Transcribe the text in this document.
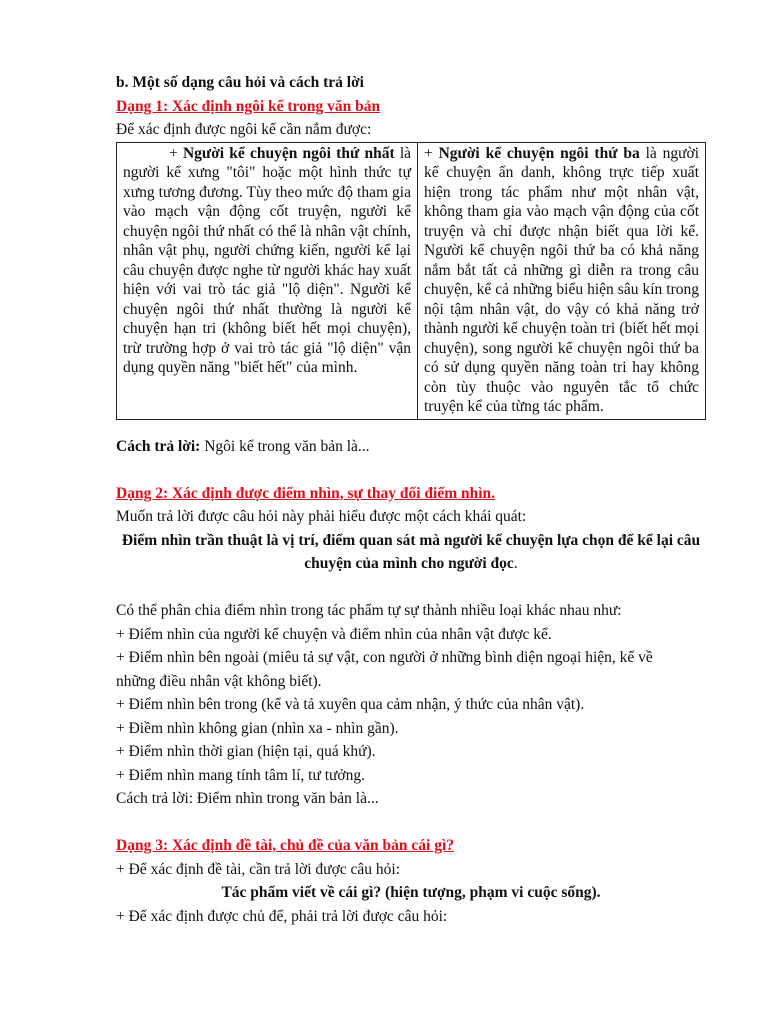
b. Một số dạng câu hỏi và cách trả lời
Dạng 1: Xác định ngôi kể trong văn bản
Để xác định được ngôi kể cần nắm được:
+ Người kể chuyện ngôi thứ nhất là người kể xưng "tôi" hoặc một hình thức tự xưng tương đương. Tùy theo mức độ tham gia vào mạch vận động cốt truyện, người kể chuyện ngôi thứ nhất có thể là nhân vật chính, nhân vật phụ, người chứng kiến, người kể lại câu chuyện được nghe từ người khác hay xuất hiện với vai trò tác giả "lộ diện". Người kể chuyện ngôi thứ nhất thường là người kể chuyện hạn tri (không biết hết mọi chuyện), trừ trường hợp ở vai trò tác giả "lộ diện" vận dụng quyền năng "biết hết" của mình.

+ Người kể chuyện ngôi thứ ba là người kể chuyện ẩn danh, không trực tiếp xuất hiện trong tác phẩm như một nhân vật, không tham gia vào mạch vận động của cốt truyện và chỉ được nhận biết qua lời kể. Người kể chuyện ngôi thứ ba có khả năng nắm bắt tất cả những gì diễn ra trong câu chuyện, kể cả những biểu hiện sâu kín trong nội tậm nhân vật, do vậy có khả năng trở thành người kể chuyện toàn tri (biết hết mọi chuyện), song người kể chuyện ngôi thứ ba có sử dụng quyền năng toàn tri hay không còn tùy thuộc vào nguyên tắc tổ chức truyện kể của từng tác phẩm.
Cách trả lời: Ngôi kể trong văn bản là...
Dạng 2: Xác định được điểm nhìn, sự thay đổi điểm nhìn.
Muốn trả lời được câu hỏi này phải hiểu được một cách khái quát:
Điểm nhìn trần thuật là vị trí, điểm quan sát mà người kể chuyện lựa chọn để kể lại câu chuyện của mình cho người đọc.
Có thể phân chia điểm nhìn trong tác phẩm tự sự thành nhiều loại khác nhau như:
+ Điểm nhìn của người kể chuyện và điểm nhìn của nhân vật được kể.
+ Điểm nhìn bên ngoài (miêu tả sự vật, con người ở những bình diện ngoại hiện, kể về
những điều nhân vật không biết).
+ Điểm nhìn bên trong (kể và tả xuyên qua cảm nhận, ý thức của nhân vật).
+ Điềm nhìn không gian (nhìn xa - nhìn gần).
+ Điểm nhìn thời gian (hiện tại, quá khứ).
+ Điểm nhìn mang tính tâm lí, tư tưởng.
Cách trả lời: Điểm nhìn trong văn bản là...
Dạng 3: Xác định đề tài, chủ đề của văn bản cái gì?
+ Để xác định đề tài, cần trả lời được câu hỏi:
Tác phẩm viết về cái gì? (hiện tượng, phạm vi cuộc sống).
+ Để xác định được chủ để, phải trả lời được câu hỏi:
